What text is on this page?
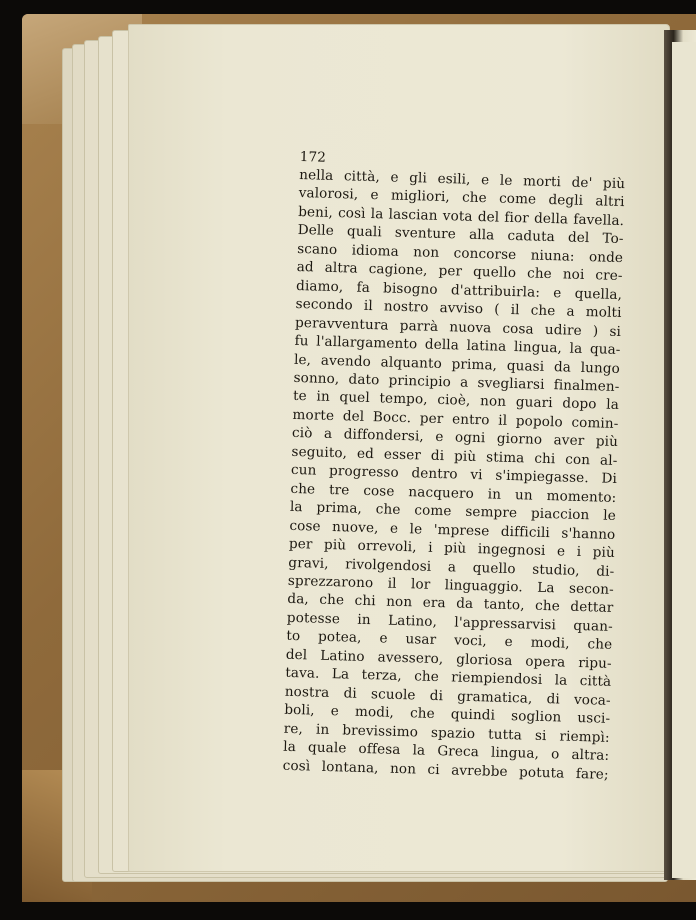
172
nella città, e gli esili, e le morti de' più
valorosi, e migliori, che come degli altri
beni, così la lascian vota del fior della favella.
Delle quali sventure alla caduta del To-
scano idioma non concorse niuna: onde
ad altra cagione, per quello che noi cre-
diamo, fa bisogno d'attribuirla: e quella,
secondo il nostro avviso ( il che a molti
peravventura parrà nuova cosa udire ) si
fu l'allargamento della latina lingua, la qua-
le, avendo alquanto prima, quasi da lungo
sonno, dato principio a svegliarsi finalmen-
te in quel tempo, cioè, non guari dopo la
morte del Bocc. per entro il popolo comin-
ciò a diffondersi, e ogni giorno aver più
seguito, ed esser di più stima chi con al-
cun progresso dentro vi s'impiegasse. Di
che tre cose nacquero in un momento:
la prima, che come sempre piaccion le
cose nuove, e le 'mprese difficili s'hanno
per più orrevoli, i più ingegnosi e i più
gravi, rivolgendosi a quello studio, di-
sprezzarono il lor linguaggio. La secon-
da, che chi non era da tanto, che dettar
potesse in Latino, l'appressarvisi quan-
to potea, e usar voci, e modi, che
del Latino avessero, gloriosa opera ripu-
tava. La terza, che riempiendosi la città
nostra di scuole di gramatica, di voca-
boli, e modi, che quindi soglion usci-
re, in brevissimo spazio tutta si riempì:
la quale offesa la Greca lingua, o altra:
così lontana, non ci avrebbe potuta fare;
